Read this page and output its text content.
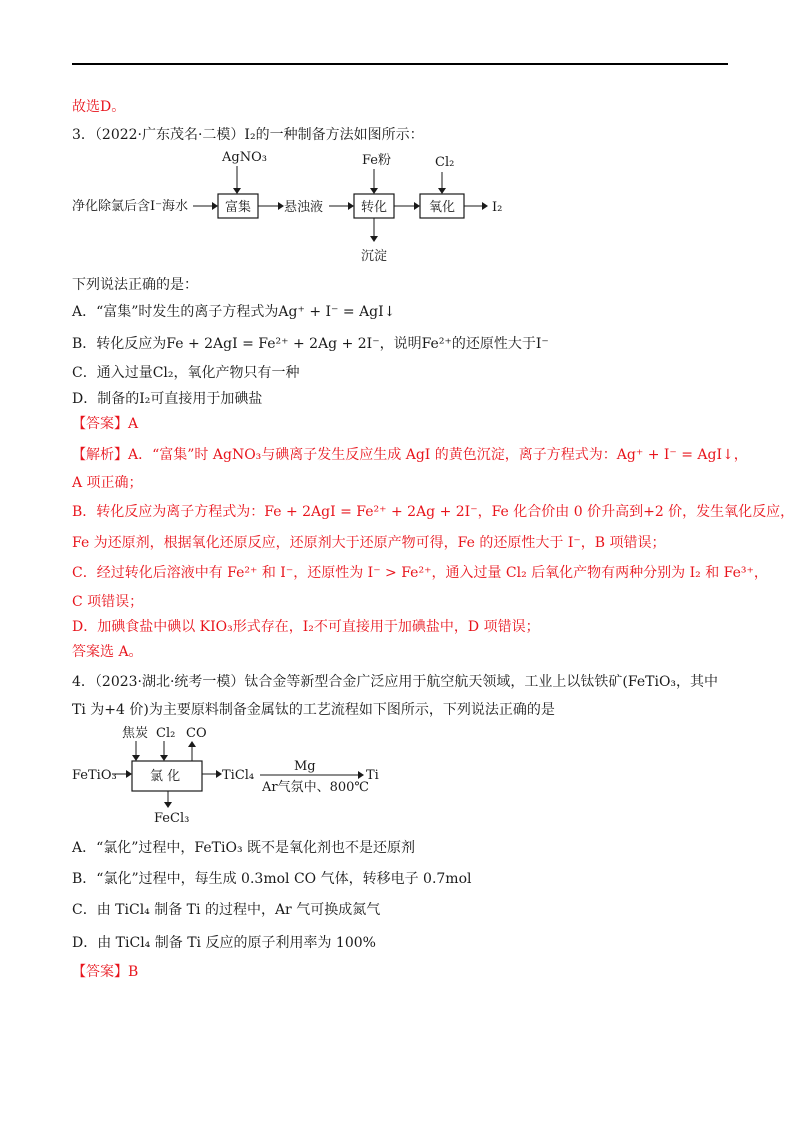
故选D。
3．（2022·广东茂名·二模）I₂的一种制备方法如图所示：
AgNO₃
净化除氯后含I⁻海水	富集	悬浊液
Fe粉
转化
沉淀
Cl₂
氧化	I₂
下列说法正确的是：
A．“富集”时发生的离子方程式为Ag⁺ + I⁻ = AgI↓
B．转化反应为Fe + 2AgI = Fe²⁺ + 2Ag + 2I⁻，说明Fe²⁺的还原性大于I⁻
C．通入过量Cl₂，氧化产物只有一种
D．制备的I₂可直接用于加碘盐
【答案】A
【解析】A．“富集”时 AgNO₃与碘离子发生反应生成 AgI 的黄色沉淀，离子方程式为：Ag⁺ + I⁻ = AgI↓，
A 项正确；
B．转化反应为离子方程式为：Fe + 2AgI = Fe²⁺ + 2Ag + 2I⁻，Fe 化合价由 0 价升高到+2 价，发生氧化反应，
Fe 为还原剂，根据氧化还原反应，还原剂大于还原产物可得，Fe 的还原性大于 I⁻，B 项错误；
C．经过转化后溶液中有 Fe²⁺ 和 I⁻，还原性为 I⁻ > Fe²⁺，通入过量 Cl₂ 后氧化产物有两种分别为 I₂ 和 Fe³⁺，
C 项错误；
D．加碘食盐中碘以 KIO₃形式存在，I₂不可直接用于加碘盐中，D 项错误；
答案选 A。
4．（2023·湖北·统考一模）钛合金等新型合金广泛应用于航空航天领域，工业上以钛铁矿(FeTiO₃，其中
Ti 为+4 价)为主要原料制备金属钛的工艺流程如下图所示，下列说法正确的是
焦炭 Cl₂ CO
FeTiO₃	氯 化
FeCl₃
TiCl₄
Mg
Ar气氛中、800℃
Ti
A．“氯化”过程中，FeTiO₃ 既不是氧化剂也不是还原剂
B．“氯化”过程中，每生成 0.3mol CO 气体，转移电子 0.7mol
C．由 TiCl₄ 制备 Ti 的过程中，Ar 气可换成氮气
D．由 TiCl₄ 制备 Ti 反应的原子利用率为 100%
【答案】B
